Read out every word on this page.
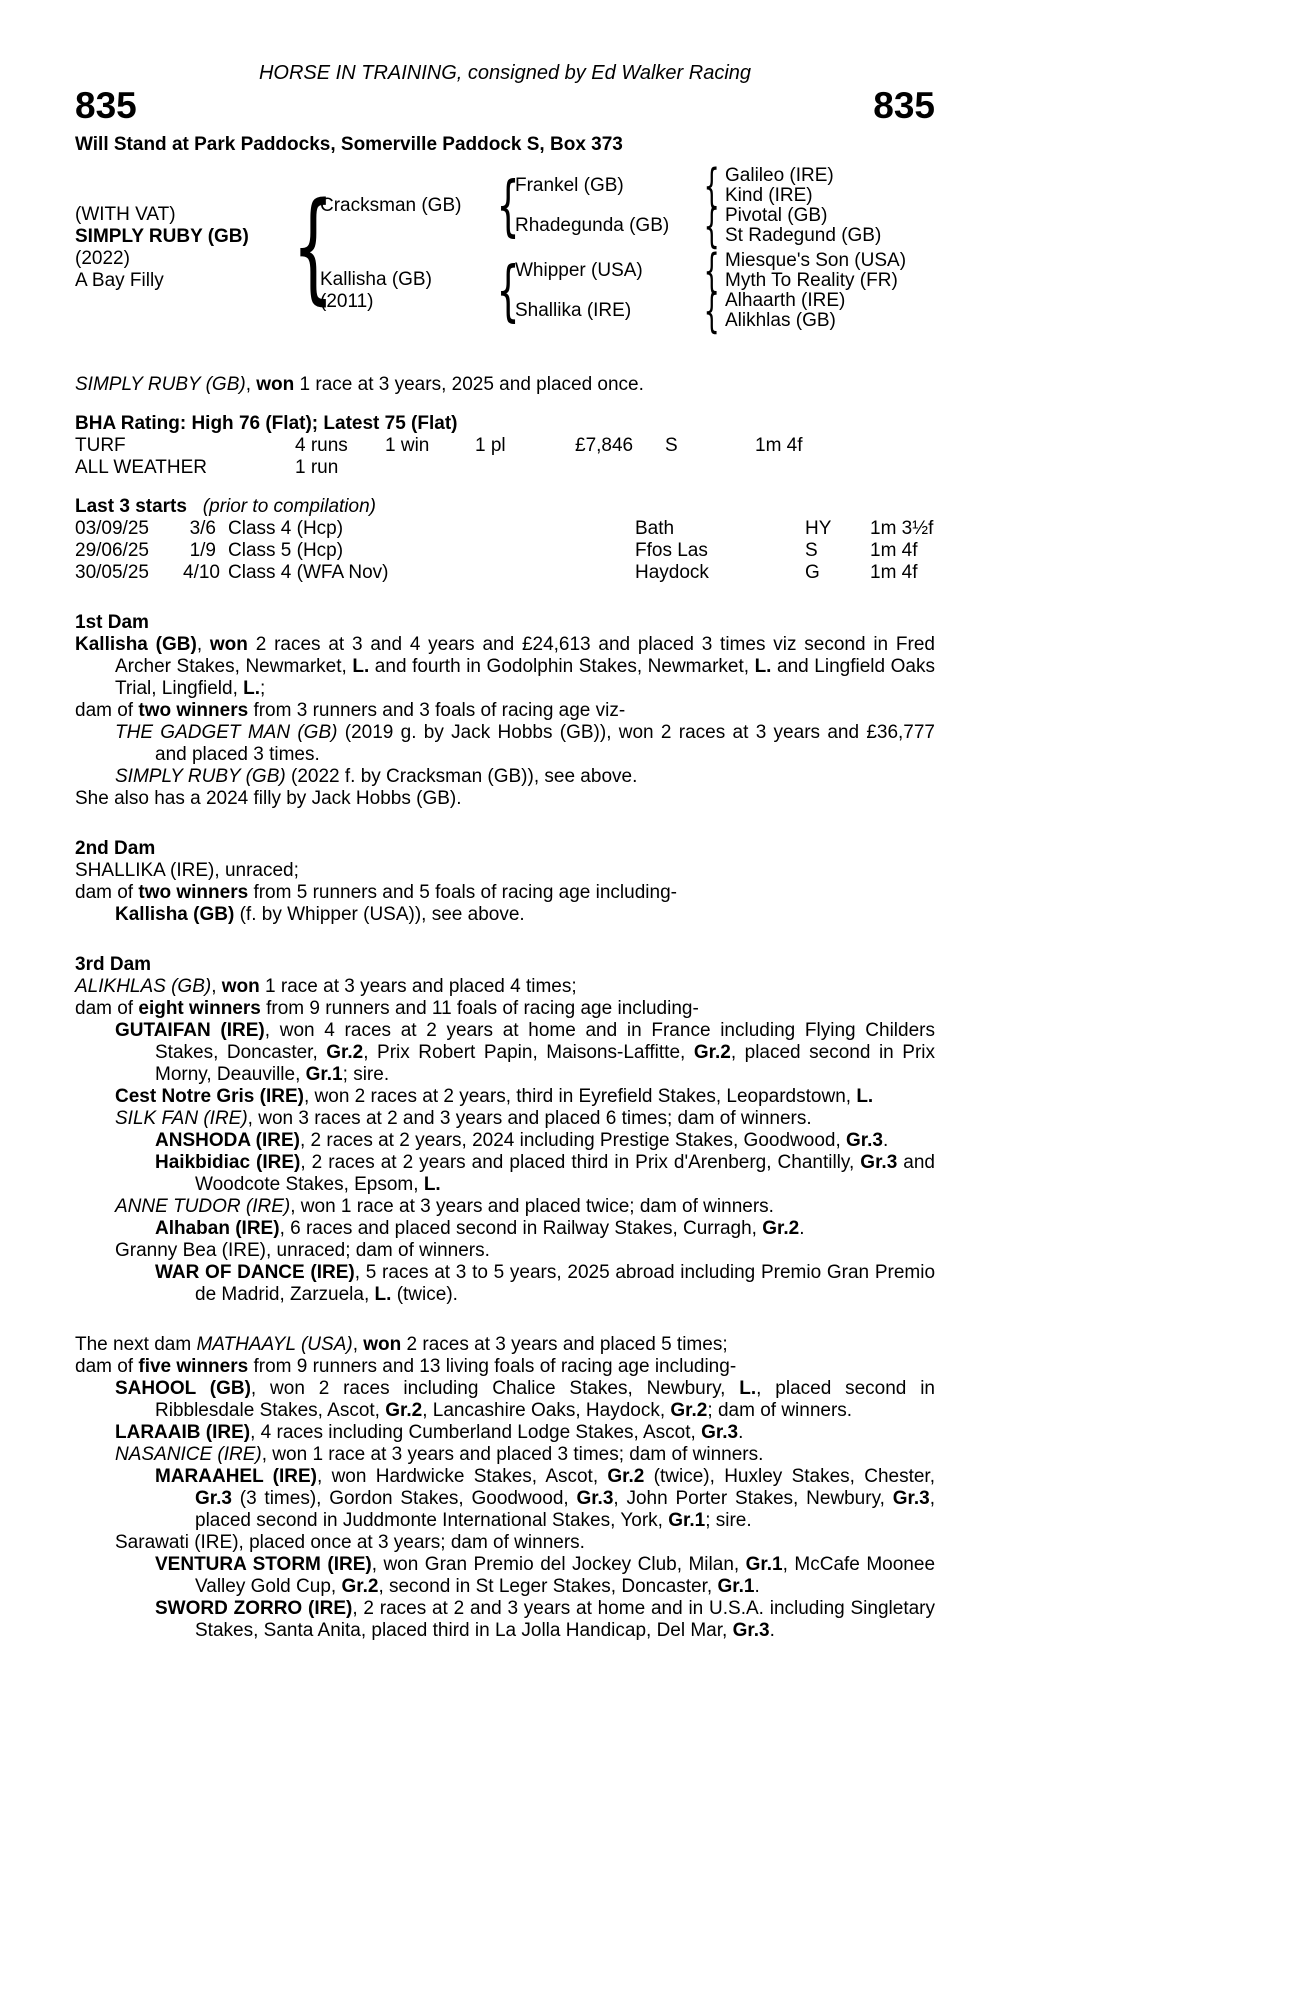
HORSE IN TRAINING, consigned by Ed Walker Racing
835	835
Will Stand at Park Paddocks, Somerville Paddock S, Box 373
(WITH VAT)
SIMPLY RUBY (GB)
(2022)
A Bay Filly { {
{
{
{
{
{
Cracksman (GB)
Kallisha (GB)
(2011)
Frankel (GB)
Rhadegunda (GB)
Whipper (USA)
Shallika (IRE)
Galileo (IRE)
Kind (IRE)
Pivotal (GB)
St Radegund (GB)
Miesque's Son (USA)
Myth To Reality (FR)
Alhaarth (IRE)
Alikhlas (GB)
SIMPLY RUBY (GB), won 1 race at 3 years, 2025 and placed once.
BHA Rating: High 76 (Flat); Latest 75 (Flat)
TURF	4 runs	1 win	1 pl	£7,846	S	1m 4f
ALL WEATHER	1 run
Last 3 starts (prior to compilation)
03/09/25	3/6 Class 4 (Hcp)	Bath	HY	1m 3½f
29/06/25	1/9 Class 5 (Hcp)	Ffos Las	S	1m 4f
30/05/25	4/10 Class 4 (WFA Nov)	Haydock	G	1m 4f
1st Dam
Kallisha (GB), won 2 races at 3 and 4 years and £24,613 and placed 3 times viz second in Fred Archer Stakes, Newmarket, L. and fourth in Godolphin Stakes, Newmarket, L. and Lingfield Oaks Trial, Lingfield, L.;
dam of two winners from 3 runners and 3 foals of racing age viz-
THE GADGET MAN (GB) (2019 g. by Jack Hobbs (GB)), won 2 races at 3 years and £36,777 and placed 3 times.
SIMPLY RUBY (GB) (2022 f. by Cracksman (GB)), see above.
She also has a 2024 filly by Jack Hobbs (GB).
2nd Dam
SHALLIKA (IRE), unraced;
dam of two winners from 5 runners and 5 foals of racing age including-
Kallisha (GB) (f. by Whipper (USA)), see above.
3rd Dam
ALIKHLAS (GB), won 1 race at 3 years and placed 4 times;
dam of eight winners from 9 runners and 11 foals of racing age including-
GUTAIFAN (IRE), won 4 races at 2 years at home and in France including Flying Childers Stakes, Doncaster, Gr.2, Prix Robert Papin, Maisons-Laffitte, Gr.2, placed second in Prix Morny, Deauville, Gr.1; sire.
Cest Notre Gris (IRE), won 2 races at 2 years, third in Eyrefield Stakes, Leopardstown, L.
SILK FAN (IRE), won 3 races at 2 and 3 years and placed 6 times; dam of winners.
ANSHODA (IRE), 2 races at 2 years, 2024 including Prestige Stakes, Goodwood, Gr.3.
Haikbidiac (IRE), 2 races at 2 years and placed third in Prix d'Arenberg, Chantilly, Gr.3 and Woodcote Stakes, Epsom, L.
ANNE TUDOR (IRE), won 1 race at 3 years and placed twice; dam of winners.
Alhaban (IRE), 6 races and placed second in Railway Stakes, Curragh, Gr.2.
Granny Bea (IRE), unraced; dam of winners.
WAR OF DANCE (IRE), 5 races at 3 to 5 years, 2025 abroad including Premio Gran Premio de Madrid, Zarzuela, L. (twice).
The next dam MATHAAYL (USA), won 2 races at 3 years and placed 5 times;
dam of five winners from 9 runners and 13 living foals of racing age including-
SAHOOL (GB), won 2 races including Chalice Stakes, Newbury, L., placed second in Ribblesdale Stakes, Ascot, Gr.2, Lancashire Oaks, Haydock, Gr.2; dam of winners.
LARAAIB (IRE), 4 races including Cumberland Lodge Stakes, Ascot, Gr.3.
NASANICE (IRE), won 1 race at 3 years and placed 3 times; dam of winners.
MARAAHEL (IRE), won Hardwicke Stakes, Ascot, Gr.2 (twice), Huxley Stakes, Chester, Gr.3 (3 times), Gordon Stakes, Goodwood, Gr.3, John Porter Stakes, Newbury, Gr.3, placed second in Juddmonte International Stakes, York, Gr.1; sire.
Sarawati (IRE), placed once at 3 years; dam of winners.
VENTURA STORM (IRE), won Gran Premio del Jockey Club, Milan, Gr.1, McCafe Moonee Valley Gold Cup, Gr.2, second in St Leger Stakes, Doncaster, Gr.1.
SWORD ZORRO (IRE), 2 races at 2 and 3 years at home and in U.S.A. including Singletary Stakes, Santa Anita, placed third in La Jolla Handicap, Del Mar, Gr.3.
